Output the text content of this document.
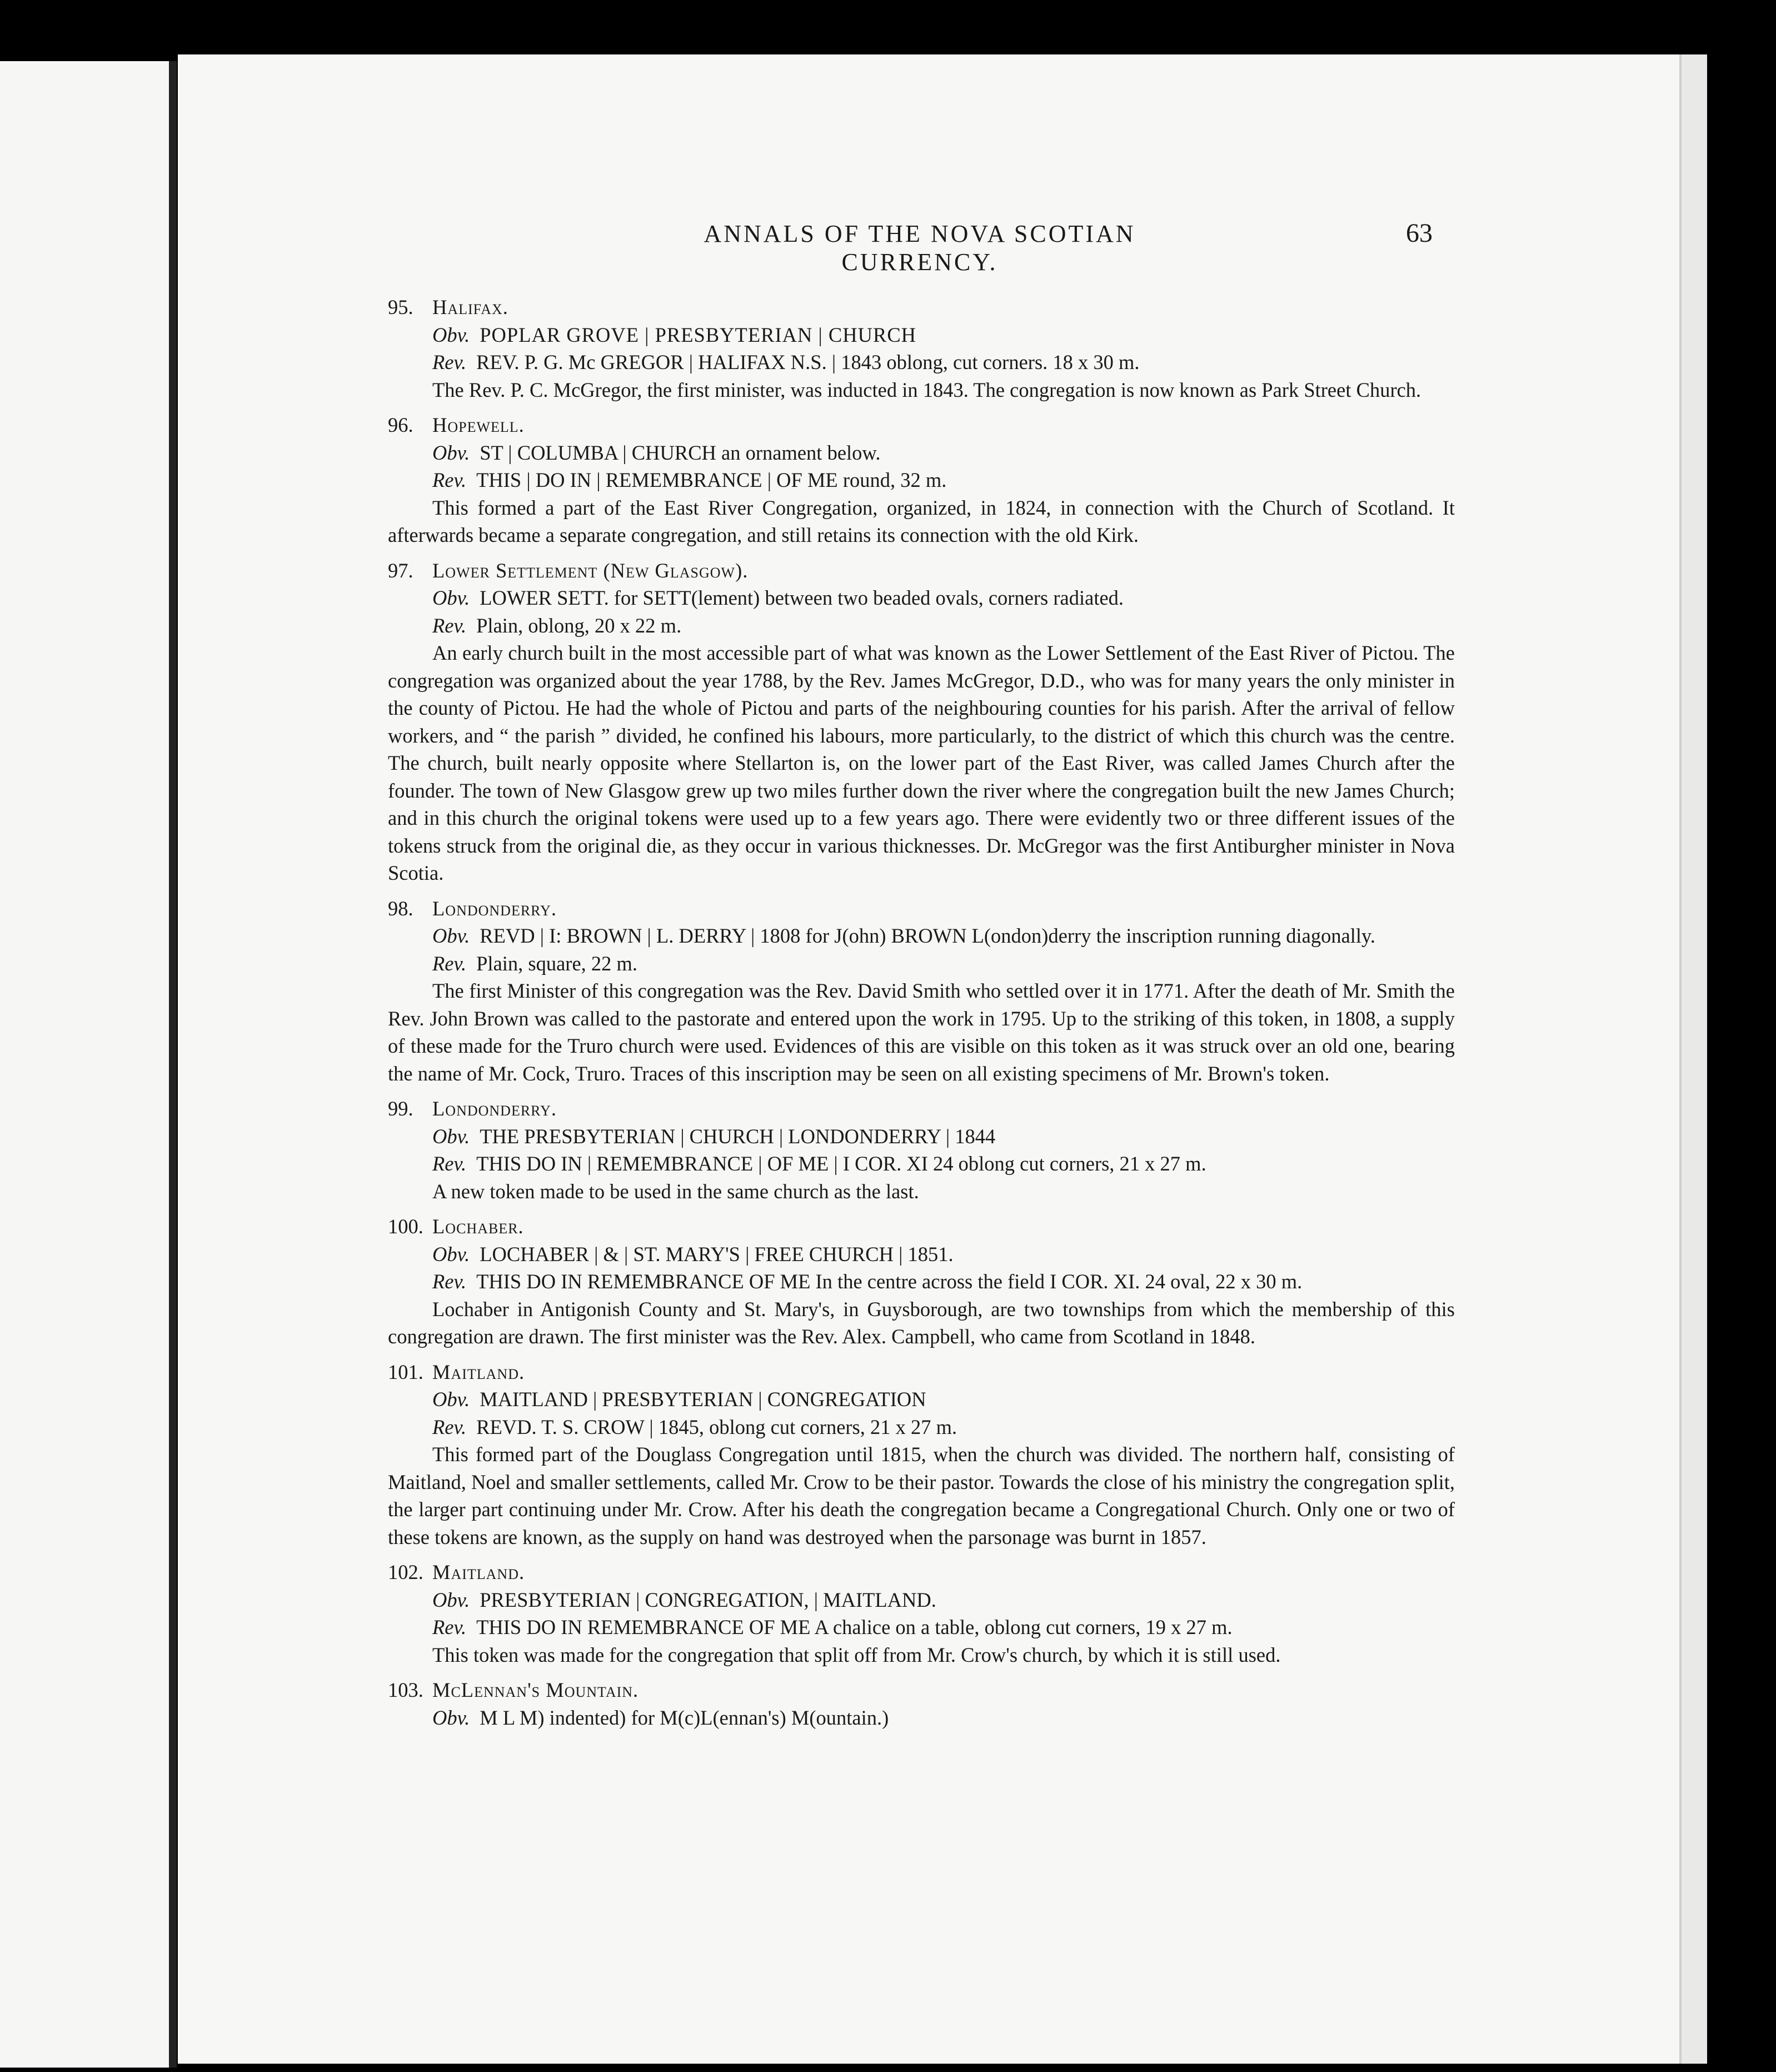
ANNALS OF THE NOVA SCOTIAN CURRENCY.
63
95. Halifax.
Obv. POPLAR GROVE | PRESBYTERIAN | CHURCH
Rev. REV. P. G. Mc GREGOR | HALIFAX N.S. | 1843 oblong, cut corners. 18 x 30 m.
The Rev. P. C. McGregor, the first minister, was inducted in 1843. The congregation is now known as Park Street Church.
96. Hopewell.
Obv. ST | COLUMBA | CHURCH an ornament below.
Rev. THIS | DO IN | REMEMBRANCE | OF ME round, 32 m.
This formed a part of the East River Congregation, organized, in 1824, in connection with the Church of Scotland. It afterwards became a separate congregation, and still retains its connection with the old Kirk.
97. Lower Settlement (New Glasgow).
Obv. LOWER SETT. for SETT(lement) between two beaded ovals, corners radiated.
Rev. Plain, oblong, 20 x 22 m.
An early church built in the most accessible part of what was known as the Lower Settlement of the East River of Pictou. The congregation was organized about the year 1788, by the Rev. James McGregor, D.D., who was for many years the only minister in the county of Pictou. He had the whole of Pictou and parts of the neighbouring counties for his parish. After the arrival of fellow workers, and “ the parish ” divided, he confined his labours, more particularly, to the district of which this church was the centre. The church, built nearly opposite where Stellarton is, on the lower part of the East River, was called James Church after the founder. The town of New Glasgow grew up two miles further down the river where the congregation built the new James Church; and in this church the original tokens were used up to a few years ago. There were evidently two or three different issues of the tokens struck from the original die, as they occur in various thicknesses. Dr. McGregor was the first Antiburgher minister in Nova Scotia.
98. Londonderry.
Obv. REVD | I: BROWN | L. DERRY | 1808 for J(ohn) BROWN L(ondon)derry the inscription running diagonally.
Rev. Plain, square, 22 m.
The first Minister of this congregation was the Rev. David Smith who settled over it in 1771. After the death of Mr. Smith the Rev. John Brown was called to the pastorate and entered upon the work in 1795. Up to the striking of this token, in 1808, a supply of these made for the Truro church were used. Evidences of this are visible on this token as it was struck over an old one, bearing the name of Mr. Cock, Truro. Traces of this inscription may be seen on all existing specimens of Mr. Brown's token.
99. Londonderry.
Obv. THE PRESBYTERIAN | CHURCH | LONDONDERRY | 1844
Rev. THIS DO IN | REMEMBRANCE | OF ME | I COR. XI 24 oblong cut corners, 21 x 27 m.
A new token made to be used in the same church as the last.
100. Lochaber.
Obv. LOCHABER | & | ST. MARY'S | FREE CHURCH | 1851.
Rev. THIS DO IN REMEMBRANCE OF ME In the centre across the field I COR. XI. 24 oval, 22 x 30 m.
Lochaber in Antigonish County and St. Mary's, in Guysborough, are two townships from which the membership of this congregation are drawn. The first minister was the Rev. Alex. Campbell, who came from Scotland in 1848.
101. Maitland.
Obv. MAITLAND | PRESBYTERIAN | CONGREGATION
Rev. REVD. T. S. CROW | 1845, oblong cut corners, 21 x 27 m.
This formed part of the Douglass Congregation until 1815, when the church was divided. The northern half, consisting of Maitland, Noel and smaller settlements, called Mr. Crow to be their pastor. Towards the close of his ministry the congregation split, the larger part continuing under Mr. Crow. After his death the congregation became a Congregational Church. Only one or two of these tokens are known, as the supply on hand was destroyed when the parsonage was burnt in 1857.
102. Maitland.
Obv. PRESBYTERIAN | CONGREGATION, | MAITLAND.
Rev. THIS DO IN REMEMBRANCE OF ME A chalice on a table, oblong cut corners, 19 x 27 m.
This token was made for the congregation that split off from Mr. Crow's church, by which it is still used.
103. McLennan's Mountain.
Obv. M L M) indented) for M(c)L(ennan's) M(ountain.)
